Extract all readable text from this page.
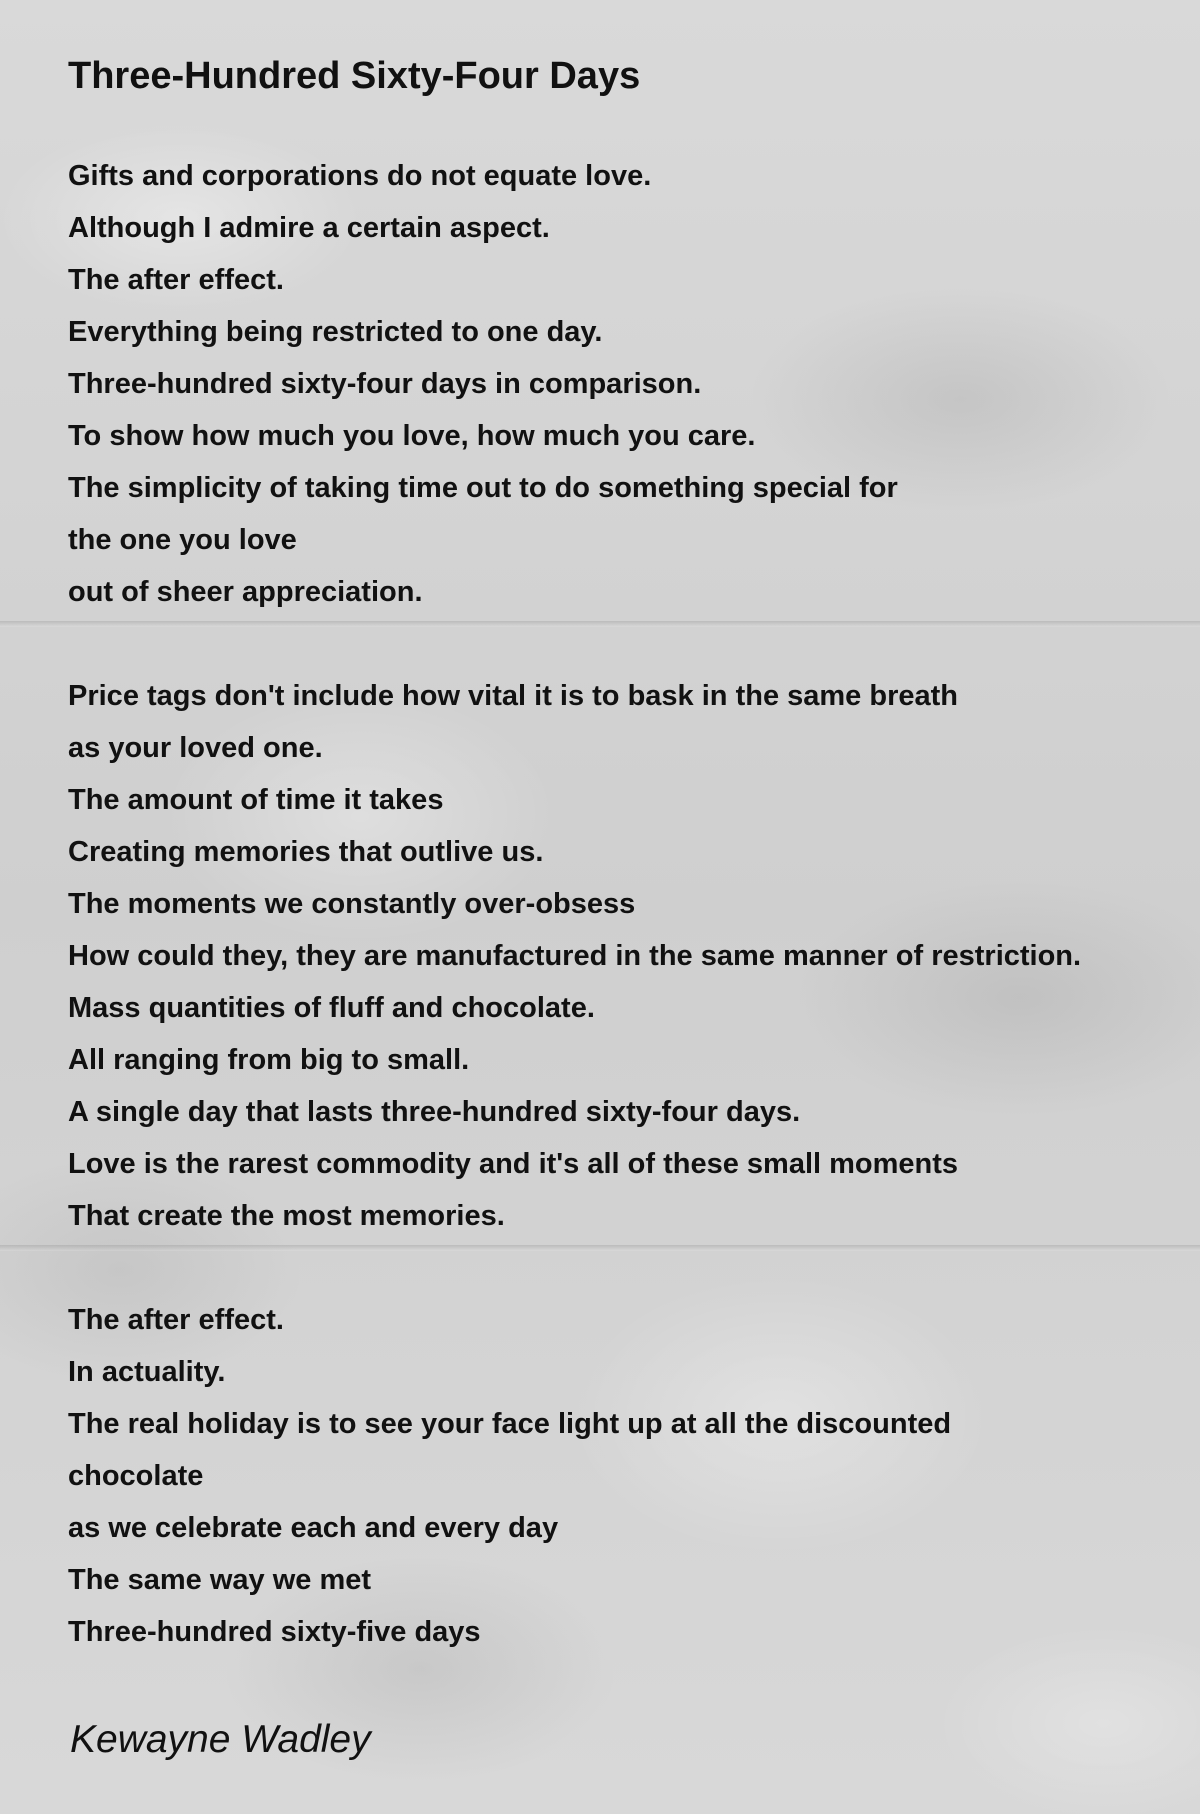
Three-Hundred Sixty-Four Days
Gifts and corporations do not equate love.
Although I admire a certain aspect.
The after effect.
Everything being restricted to one day.
Three-hundred sixty-four days in comparison.
To show how much you love, how much you care.
The simplicity of taking time out to do something special for
the one you love
out of sheer appreciation.
Price tags don't include how vital it is to bask in the same breath
as your loved one.
The amount of time it takes
Creating memories that outlive us.
The moments we constantly over-obsess
How could they, they are manufactured in the same manner of restriction.
Mass quantities of fluff and chocolate.
All ranging from big to small.
A single day that lasts three-hundred sixty-four days.
Love is the rarest commodity and it's all of these small moments
That create the most memories.
The after effect.
In actuality.
The real holiday is to see your face light up at all the discounted
chocolate
as we celebrate each and every day
The same way we met
Three-hundred sixty-five days
Kewayne Wadley
